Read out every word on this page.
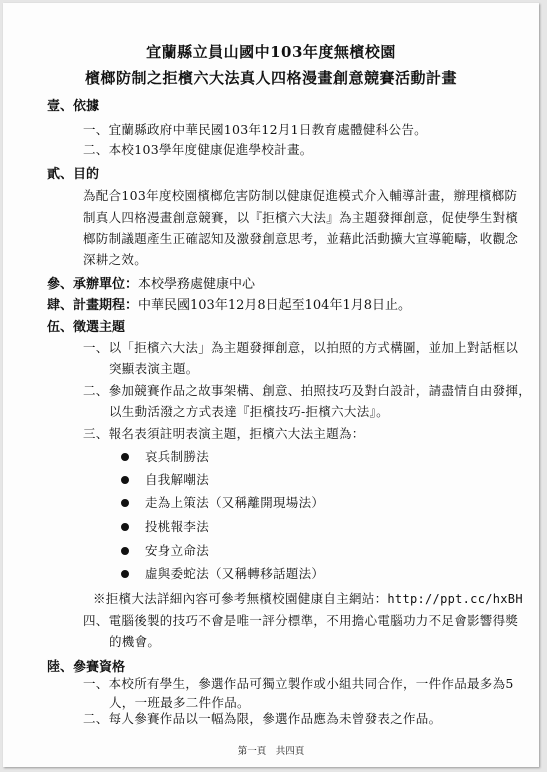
宜蘭縣立員山國中103年度無檳校園
檳榔防制之拒檳六大法真人四格漫畫創意競賽活動計畫
壹、依據
一、宜蘭縣政府中華民國103年12月1日教育處體健科公告。
二、本校103學年度健康促進學校計畫。
貳、目的
為配合103年度校園檳榔危害防制以健康促進模式介入輔導計畫，辦理檳榔防
制真人四格漫畫創意競賽，以『拒檳六大法』為主題發揮創意，促使學生對檳
榔防制議題產生正確認知及激發創意思考，並藉此活動擴大宣導範疇，收觀念
深耕之效。
參、承辦單位：本校學務處健康中心
肆、計畫期程：中華民國103年12月8日起至104年1月8日止。
伍、徵選主題
一、以「拒檳六大法」為主題發揮創意，以拍照的方式構圖，並加上對話框以
突顯表演主題。
二、參加競賽作品之故事架構、創意、拍照技巧及對白設計，請盡情自由發揮，
以生動活潑之方式表達『拒檳技巧-拒檳六大法』。
三、報名表須註明表演主題，拒檳六大法主題為：
哀兵制勝法
自我解嘲法
走為上策法（又稱離開現場法）
投桃報李法
安身立命法
虛與委蛇法（又稱轉移話題法）
※拒檳大法詳細內容可參考無檳校園健康自主網站：http://ppt.cc/hxBH
四、電腦後製的技巧不會是唯一評分標準，不用擔心電腦功力不足會影響得獎
的機會。
陸、參賽資格
一、本校所有學生，參選作品可獨立製作或小組共同合作，一件作品最多為5
人，一班最多二件作品。
第一頁　共四頁
二、每人參賽作品以一幅為限，參選作品應為未曾發表之作品。
